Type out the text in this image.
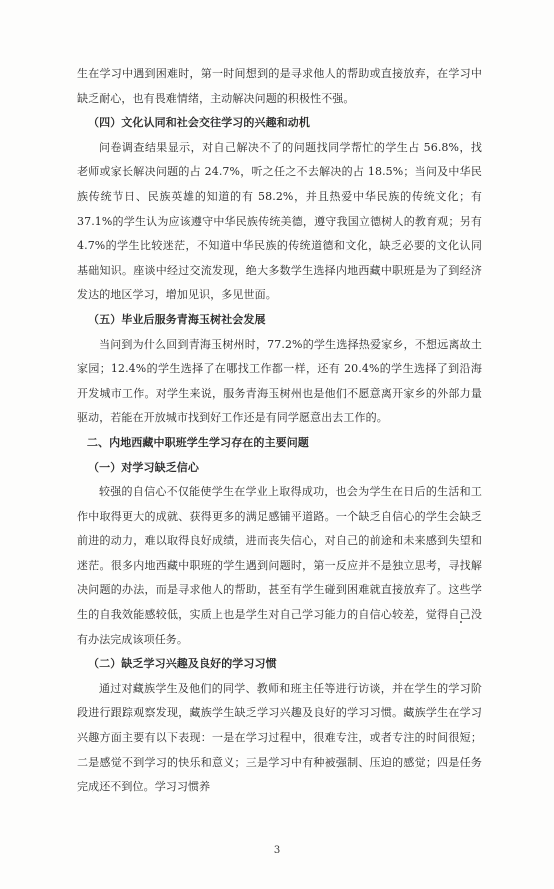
生在学习中遇到困难时，第一时间想到的是寻求他人的帮助或直接放弃，在学习中缺乏耐心，也有畏难情绪，主动解决问题的积极性不强。

（四）文化认同和社会交往学习的兴趣和动机

问卷调查结果显示，对自己解决不了的问题找同学帮忙的学生占 56.8%，找老师或家长解决问题的占 24.7%，听之任之不去解决的占 18.5%；当问及中华民族传统节日、民族英雄的知道的有 58.2%，并且热爱中华民族的传统文化；有 37.1%的学生认为应该遵守中华民族传统美德，遵守我国立德树人的教育观；另有 4.7%的学生比较迷茫，不知道中华民族的传统道德和文化，缺乏必要的文化认同基础知识。座谈中经过交流发现，绝大多数学生选择内地西藏中职班是为了到经济发达的地区学习，增加见识，多见世面。

（五）毕业后服务青海玉树社会发展

当问到为什么回到青海玉树州时，77.2%的学生选择热爱家乡，不想远离故土家园；12.4%的学生选择了在哪找工作都一样，还有 20.4%的学生选择了到沿海开发城市工作。对学生来说，服务青海玉树州也是他们不愿意离开家乡的外部力量驱动，若能在开放城市找到好工作还是有同学愿意出去工作的。

二、内地西藏中职班学生学习存在的主要问题

（一）对学习缺乏信心

较强的自信心不仅能使学生在学业上取得成功，也会为学生在日后的生活和工作中取得更大的成就、获得更多的满足感铺平道路。一个缺乏自信心的学生会缺乏前进的动力，难以取得良好成绩，进而丧失信心，对自己的前途和未来感到失望和迷茫。很多内地西藏中职班的学生遇到问题时，第一反应并不是独立思考，寻找解决问题的办法，而是寻求他人的帮助，甚至有学生碰到困难就直接放弃了。这些学生的自我效能感较低，实质上也是学生对自己学习能力的自信心较差，觉得自己没有办法完成该项任务。

（二）缺乏学习兴趣及良好的学习习惯

通过对藏族学生及他们的同学、教师和班主任等进行访谈，并在学生的学习阶段进行跟踪观察发现，藏族学生缺乏学习兴趣及良好的学习习惯。藏族学生在学习兴趣方面主要有以下表现：一是在学习过程中，很难专注，或者专注的时间很短；二是感觉不到学习的快乐和意义；三是学习中有种被强制、压迫的感觉；四是任务完成还不到位。学习习惯养

3
